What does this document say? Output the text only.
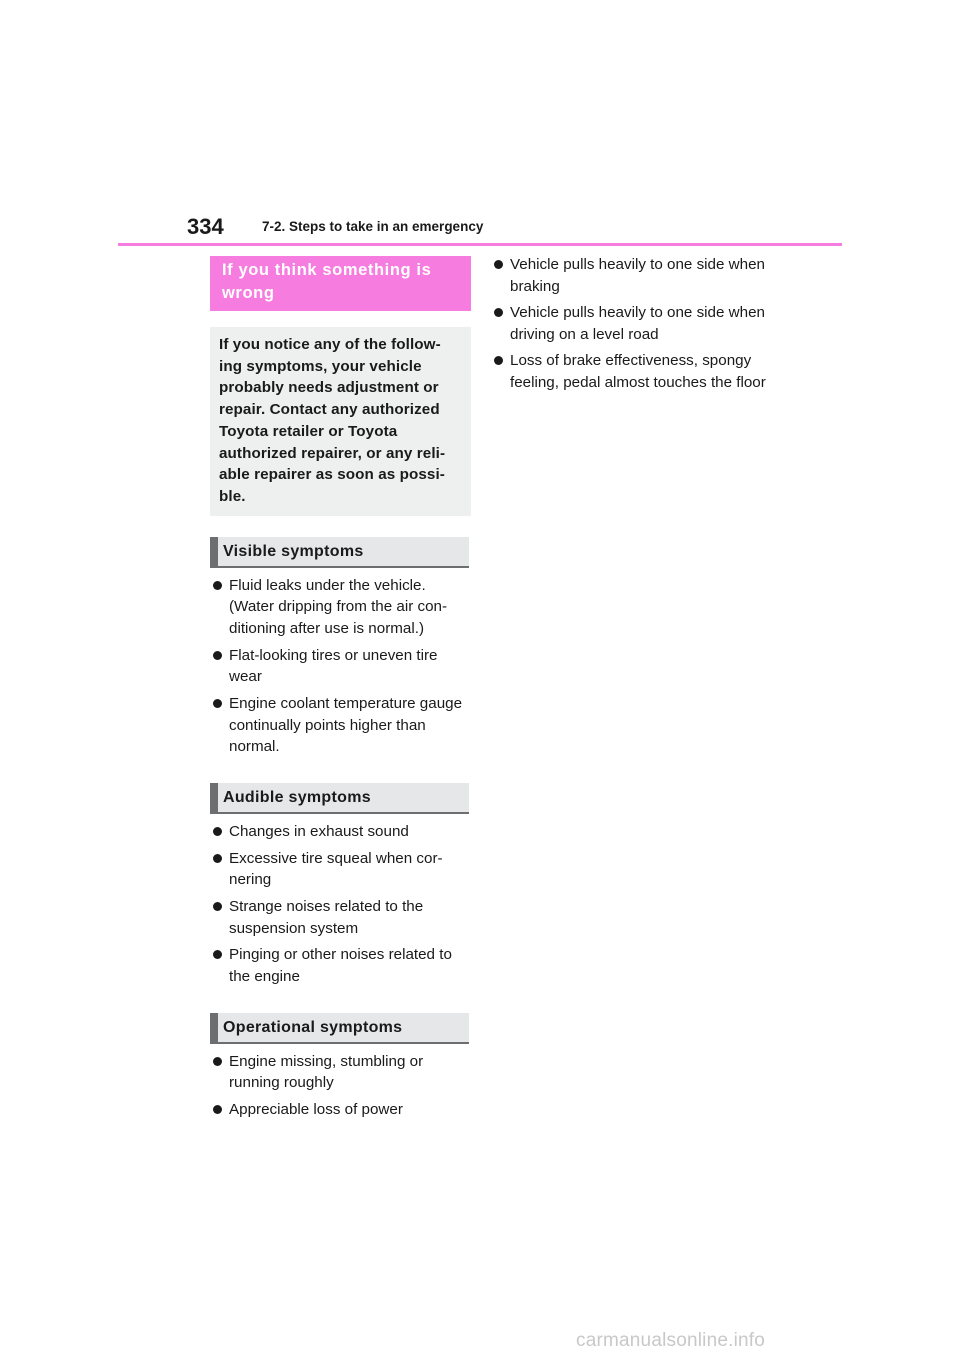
334	7-2. Steps to take in an emergency
If you think something is wrong
If you notice any of the follow-ing symptoms, your vehicle probably needs adjustment or repair. Contact any authorized Toyota retailer or Toyota authorized repairer, or any reli-able repairer as soon as possi-ble.
Visible symptoms
Fluid leaks under the vehicle. (Water dripping from the air con-ditioning after use is normal.)
Flat-looking tires or uneven tire wear
Engine coolant temperature gauge continually points higher than normal.
Audible symptoms
Changes in exhaust sound
Excessive tire squeal when cor-nering
Strange noises related to the suspension system
Pinging or other noises related to the engine
Operational symptoms
Engine missing, stumbling or running roughly
Appreciable loss of power
Vehicle pulls heavily to one side when braking
Vehicle pulls heavily to one side when driving on a level road
Loss of brake effectiveness, spongy feeling, pedal almost touches the floor
carmanualsonline.info
